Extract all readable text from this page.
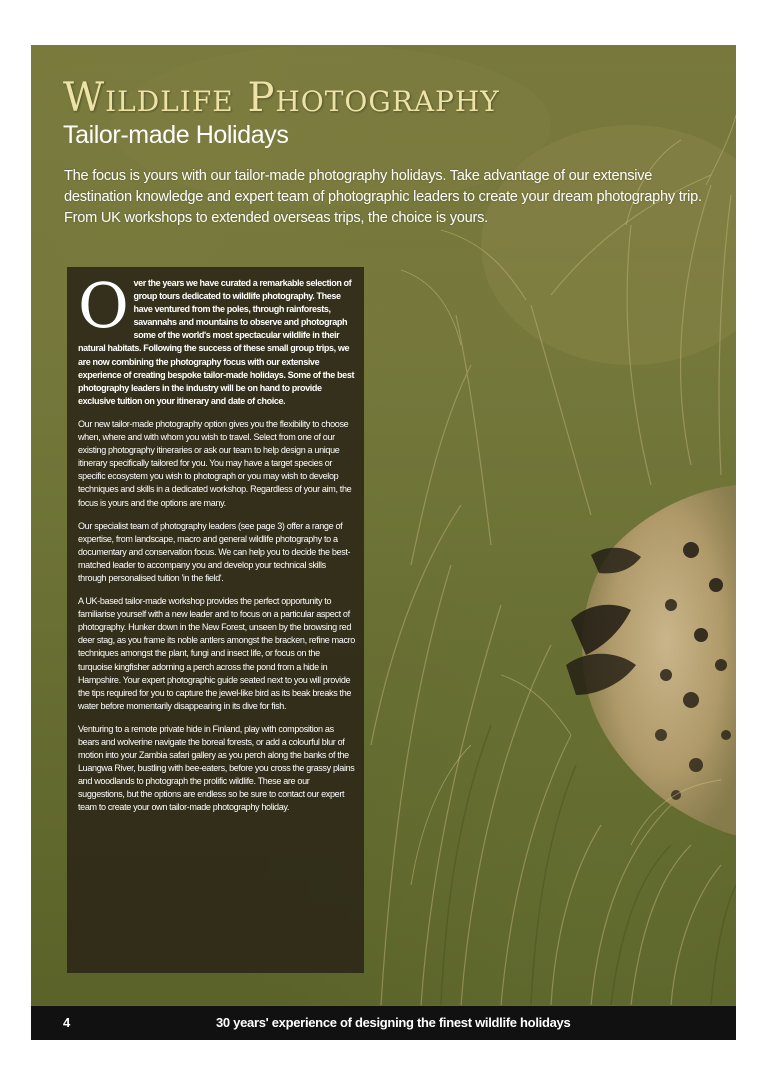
Wildlife Photography
Tailor-made Holidays

The focus is yours with our tailor-made photography holidays. Take advantage of our extensive destination knowledge and expert team of photographic leaders to create your dream photography trip. From UK workshops to extended overseas trips, the choice is yours.

Over the years we have curated a remarkable selection of group tours dedicated to wildlife photography. These have ventured from the poles, through rainforests, savannahs and mountains to observe and photograph some of the world's most spectacular wildlife in their natural habitats. Following the success of these small group trips, we are now combining the photography focus with our extensive experience of creating bespoke tailor-made holidays. Some of the best photography leaders in the industry will be on hand to provide exclusive tuition on your itinerary and date of choice.

Our new tailor-made photography option gives you the flexibility to choose when, where and with whom you wish to travel. Select from one of our existing photography itineraries or ask our team to help design a unique itinerary specifically tailored for you. You may have a target species or specific ecosystem you wish to photograph or you may wish to develop techniques and skills in a dedicated workshop. Regardless of your aim, the focus is yours and the options are many.

Our specialist team of photography leaders (see page 3) offer a range of expertise, from landscape, macro and general wildlife photography to a documentary and conservation focus. We can help you to decide the best-matched leader to accompany you and develop your technical skills through personalised tuition 'in the field'.

A UK-based tailor-made workshop provides the perfect opportunity to familiarise yourself with a new leader and to focus on a particular aspect of photography. Hunker down in the New Forest, unseen by the browsing red deer stag, as you frame its noble antlers amongst the bracken, refine macro techniques amongst the plant, fungi and insect life, or focus on the turquoise kingfisher adorning a perch across the pond from a hide in Hampshire. Your expert photographic guide seated next to you will provide the tips required for you to capture the jewel-like bird as its beak breaks the water before momentarily disappearing in its dive for fish.

Venturing to a remote private hide in Finland, play with composition as bears and wolverine navigate the boreal forests, or add a colourful blur of motion into your Zambia safari gallery as you perch along the banks of the Luangwa River, bustling with bee-eaters, before you cross the grassy plains and woodlands to photograph the prolific wildlife. These are our suggestions, but the options are endless so be sure to contact our expert team to create your own tailor-made photography holiday.

4	30 years' experience of designing the finest wildlife holidays
